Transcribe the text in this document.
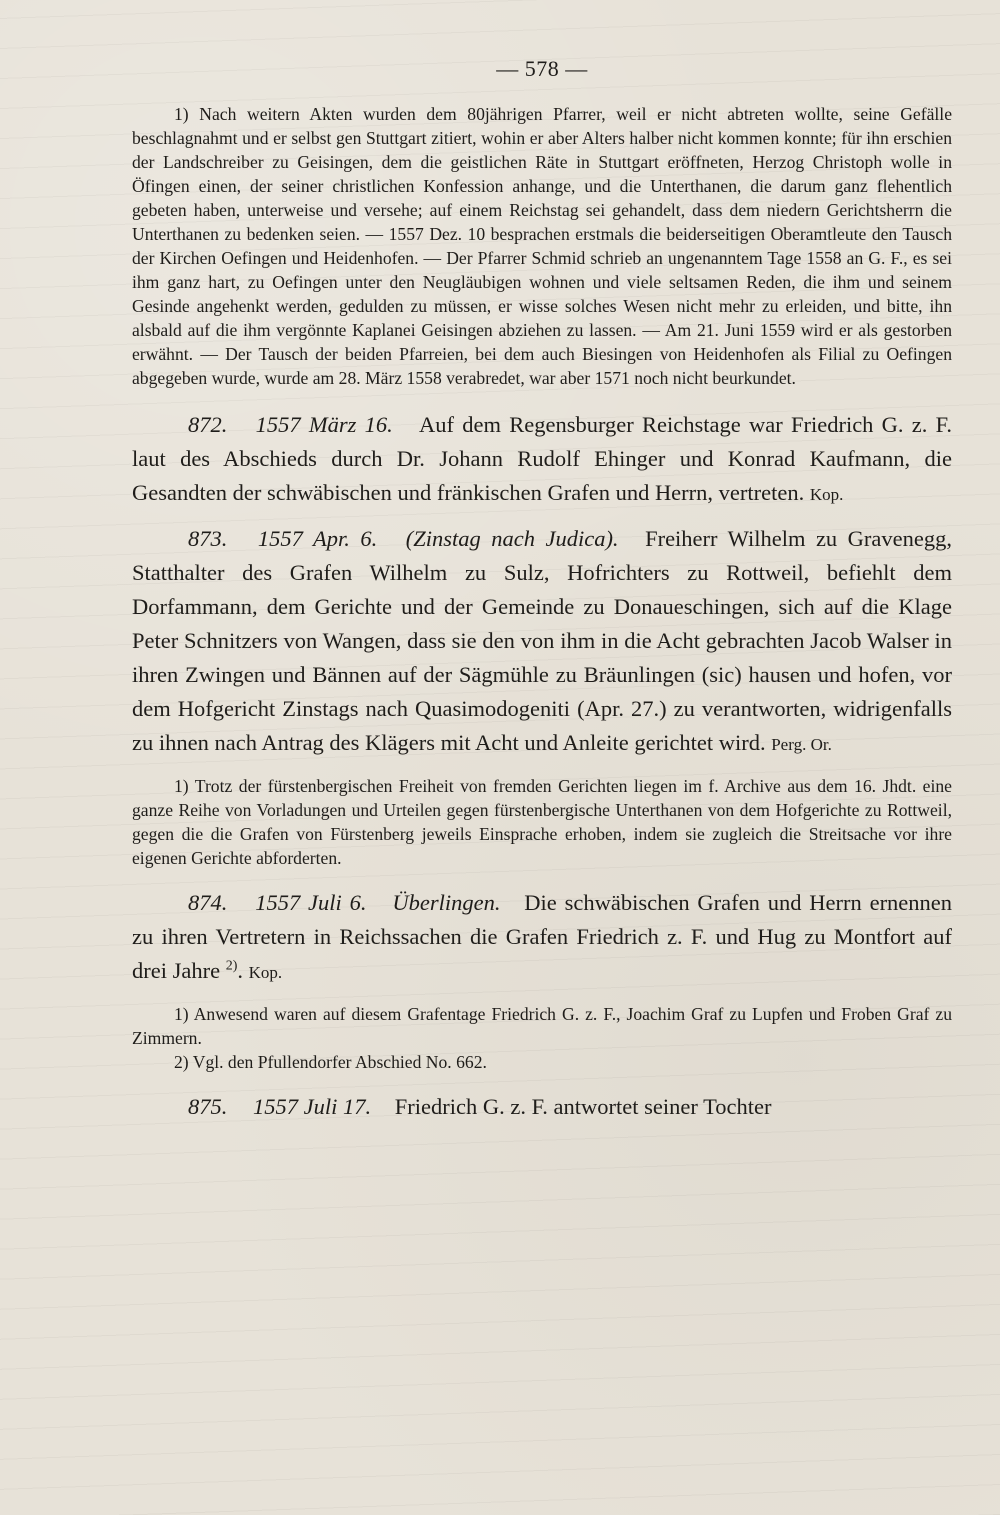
— 578 —

1) Nach weitern Akten wurden dem 80jährigen Pfarrer, weil er nicht abtreten wollte, seine Gefälle beschlagnahmt und er selbst gen Stuttgart zitiert, wohin er aber Alters halber nicht kommen konnte; für ihn erschien der Landschreiber zu Geisingen, dem die geistlichen Räte in Stuttgart eröffneten, Herzog Christoph wolle in Öfingen einen, der seiner christlichen Konfession anhange, und die Unterthanen, die darum ganz flehentlich gebeten haben, unterweise und versehe; auf einem Reichstag sei gehandelt, dass dem niedern Gerichtsherrn die Unterthanen zu bedenken seien. — 1557 Dez. 10 besprachen erstmals die beiderseitigen Oberamtleute den Tausch der Kirchen Oefingen und Heidenhofen. — Der Pfarrer Schmid schrieb an ungenanntem Tage 1558 an G. F., es sei ihm ganz hart, zu Oefingen unter den Neugläubigen wohnen und viele seltsamen Reden, die ihm und seinem Gesinde angehenkt werden, gedulden zu müssen, er wisse solches Wesen nicht mehr zu erleiden, und bitte, ihn alsbald auf die ihm vergönnte Kaplanei Geisingen abziehen zu lassen. — Am 21. Juni 1559 wird er als gestorben erwähnt. — Der Tausch der beiden Pfarreien, bei dem auch Biesingen von Heidenhofen als Filial zu Oefingen abgegeben wurde, wurde am 28. März 1558 verabredet, war aber 1571 noch nicht beurkundet.

872. 1557 März 16. Auf dem Regensburger Reichstage war Friedrich G. z. F. laut des Abschieds durch Dr. Johann Rudolf Ehinger und Konrad Kaufmann, die Gesandten der schwäbischen und fränkischen Grafen und Herrn, vertreten. Kop.

873. 1557 Apr. 6. (Zinstag nach Judica). Freiherr Wilhelm zu Gravenegg, Statthalter des Grafen Wilhelm zu Sulz, Hofrichters zu Rottweil, befiehlt dem Dorfammann, dem Gerichte und der Gemeinde zu Donaueschingen, sich auf die Klage Peter Schnitzers von Wangen, dass sie den von ihm in die Acht gebrachten Jacob Walser in ihren Zwingen und Bännen auf der Sägmühle zu Bräunlingen (sic) hausen und hofen, vor dem Hofgericht Zinstags nach Quasimodogeniti (Apr. 27.) zu verantworten, widrigenfalls zu ihnen nach Antrag des Klägers mit Acht und Anleite gerichtet wird. Perg. Or.

1) Trotz der fürstenbergischen Freiheit von fremden Gerichten liegen im f. Archive aus dem 16. Jhdt. eine ganze Reihe von Vorladungen und Urteilen gegen fürstenbergische Unterthanen von dem Hofgerichte zu Rottweil, gegen die die Grafen von Fürstenberg jeweils Einsprache erhoben, indem sie zugleich die Streitsache vor ihre eigenen Gerichte abforderten.

874. 1557 Juli 6. Überlingen. Die schwäbischen Grafen und Herrn ernennen zu ihren Vertretern in Reichssachen die Grafen Friedrich z. F. und Hug zu Montfort auf drei Jahre $^{2)}$. Kop.

1) Anwesend waren auf diesem Grafentage Friedrich G. z. F., Joachim Graf zu Lupfen und Froben Graf zu Zimmern.

2) Vgl. den Pfullendorfer Abschied No. 662.

875. 1557 Juli 17. Friedrich G. z. F. antwortet seiner Tochter
